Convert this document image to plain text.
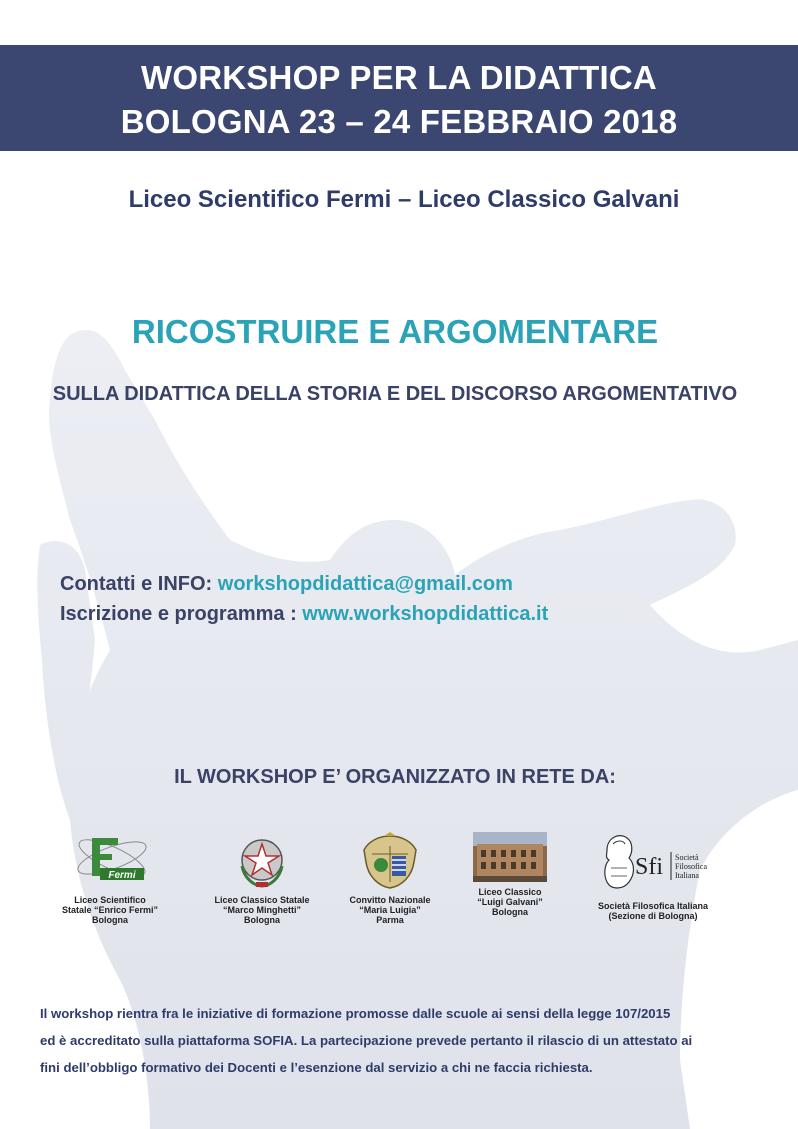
WORKSHOP PER LA DIDATTICA
BOLOGNA 23 – 24 FEBBRAIO 2018
Liceo Scientifico Fermi – Liceo Classico Galvani
RICOSTRUIRE E ARGOMENTARE
SULLA DIDATTICA DELLA STORIA E DEL DISCORSO ARGOMENTATIVO
Contatti e INFO: workshopdidattica@gmail.com
Iscrizione e programma : www.workshopdidattica.it
IL WORKSHOP E’ ORGANIZZATO IN RETE DA:
Fermi
Liceo Scientifico
Statale “Enrico Fermi”
Bologna
Liceo Classico Statale
“Marco Minghetti”
Bologna
Convitto Nazionale
“Maria Luigia”
Parma
Liceo Classico
“Luigi Galvani”
Bologna
Sfi Società
Filosofica
Italiana
Società Filosofica Italiana
(Sezione di Bologna)
Il workshop rientra fra le iniziative di formazione promosse dalle scuole ai sensi della legge 107/2015
ed è accreditato sulla piattaforma SOFIA. La partecipazione prevede pertanto il rilascio di un attestato ai
fini dell’obbligo formativo dei Docenti e l’esenzione dal servizio a chi ne faccia richiesta.
